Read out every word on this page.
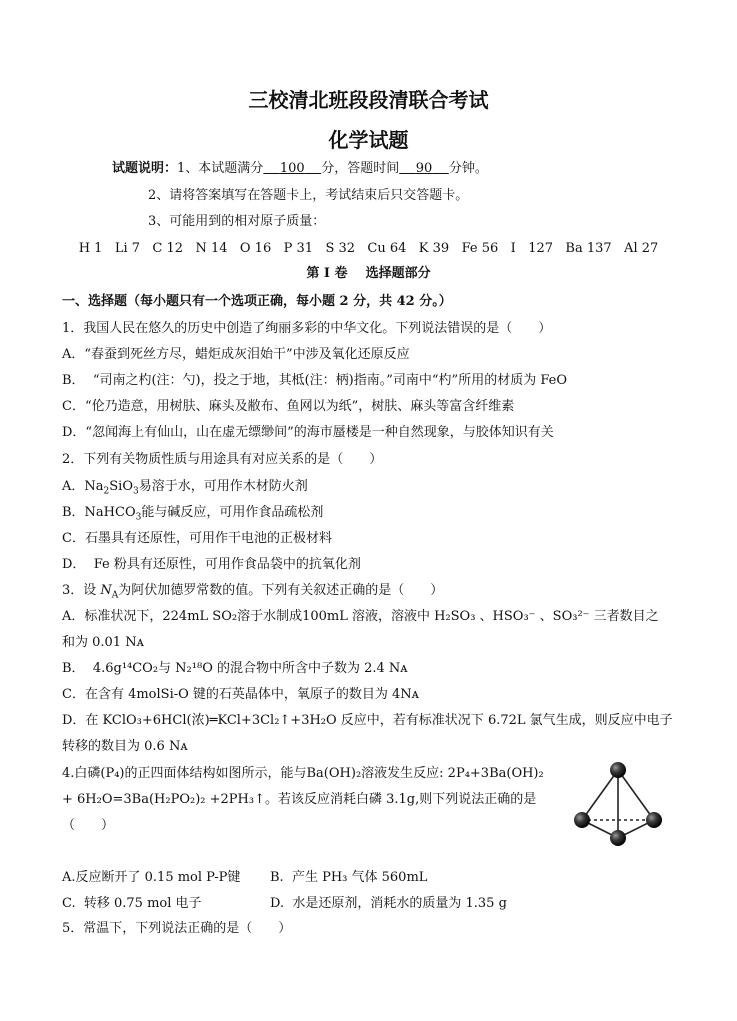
三校清北班段段清联合考试
化学试题
试题说明：1、本试题满分 100 分，答题时间 90 分钟。
2、请将答案填写在答题卡上，考试结束后只交答题卡。
3、可能用到的相对原子质量：
H 1   Li 7   C 12   N 14   O 16   P 31   S 32   Cu 64   K 39   Fe 56   I   127   Ba 137   Al 27
第 I 卷    选择题部分
一、选择题（每小题只有一个选项正确，每小题 2 分，共 42 分。）
1．我国人民在悠久的历史中创造了绚丽多彩的中华文化。下列说法错误的是（　　）
A．“春蚕到死丝方尽，蜡炬成灰泪始干”中涉及氧化还原反应
B．  “司南之杓(注：勺)，投之于地，其柢(注：柄)指南。”司南中“杓”所用的材质为 FeO
C．“伦乃造意，用树肤、麻头及敝布、鱼网以为纸”，树肤、麻头等富含纤维素
D．“忽闻海上有仙山，山在虚无缥缈间”的海市蜃楼是一种自然现象，与胶体知识有关
2．下列有关物质性质与用途具有对应关系的是（　　）
A．$Na_2SiO_3$易溶于水，可用作木材防火剂
B．NaHCO$_3$能与碱反应，可用作食品疏松剂
C．石墨具有还原性，可用作干电池的正极材料
D．  Fe 粉具有还原性，可用作食品袋中的抗氧化剂
3．设 $N_A$为阿伏加德罗常数的值。下列有关叙述正确的是（　　）
A．标准状况下，224mL SO₂溶于水制成100mL 溶液，溶液中 H₂SO₃ 、HSO₃⁻ 、SO₃²⁻ 三者数目之
和为 0.01 Nᴀ
B．  4.6g¹⁴CO₂与 N₂¹⁸O 的混合物中所含中子数为 2.4 Nᴀ
C．在含有 4molSi-O 键的石英晶体中，氧原子的数目为 4Nᴀ
D．在 KClO₃+6HCl(浓)═KCl+3Cl₂↑+3H₂O 反应中，若有标准状况下 6.72L 氯气生成，则反应中电子
转移的数目为 0.6 Nᴀ
4.白磷(P₄)的正四面体结构如图所示，能与Ba(OH)₂溶液发生反应: 2P₄+3Ba(OH)₂
+ 6H₂O=3Ba(H₂PO₂)₂ +2PH₃↑。若该反应消耗白磷 3.1g,则下列说法正确的是
（　　）
A.反应断开了 0.15 mol P-P键 B.  产生 PH₃ 气体 560mL
C.  转移 0.75 mol 电子	D.  水是还原剂，消耗水的质量为 1.35 g
5．常温下，下列说法正确的是（　　）
